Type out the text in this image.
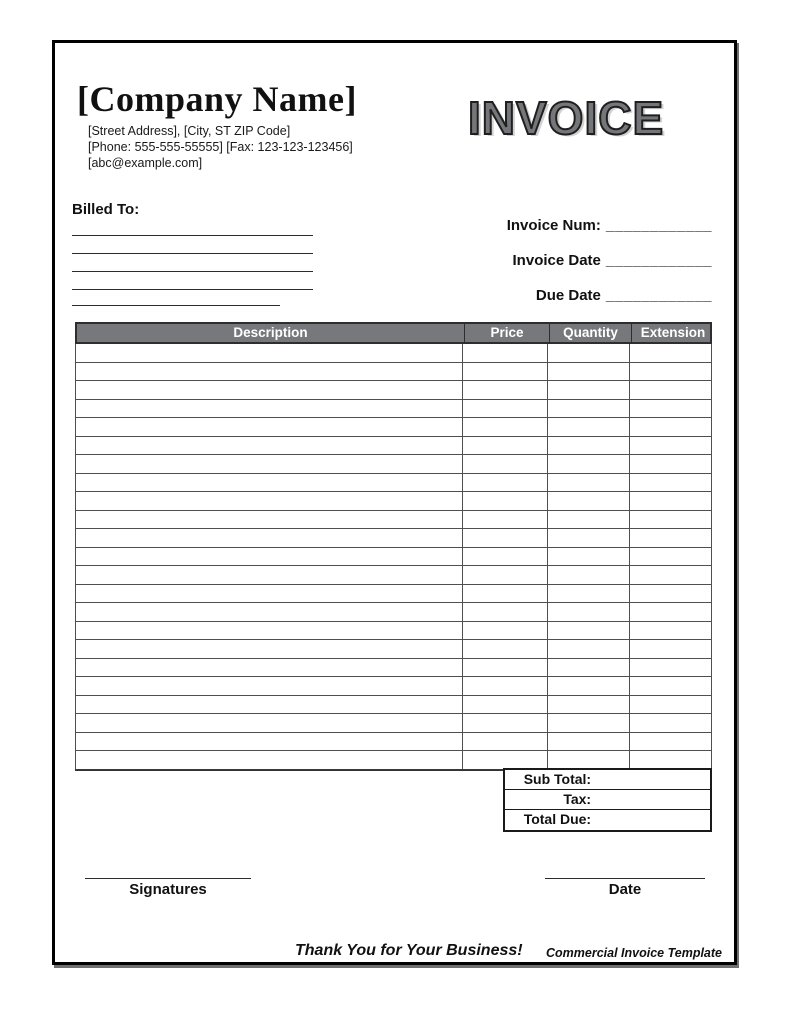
[Company Name]
[Street Address], [City, ST ZIP Code]
[Phone: 555-555-55555] [Fax: 123-123-123456]
[abc@example.com]
INVOICE
Billed To:
Invoice Num: ____________
Invoice Date ____________
Due Date ____________
Description	Price	Quantity	Extension
Sub Total:
Tax:
Total Due:
Signatures	Date
Thank You for Your Business! Commercial Invoice Template
